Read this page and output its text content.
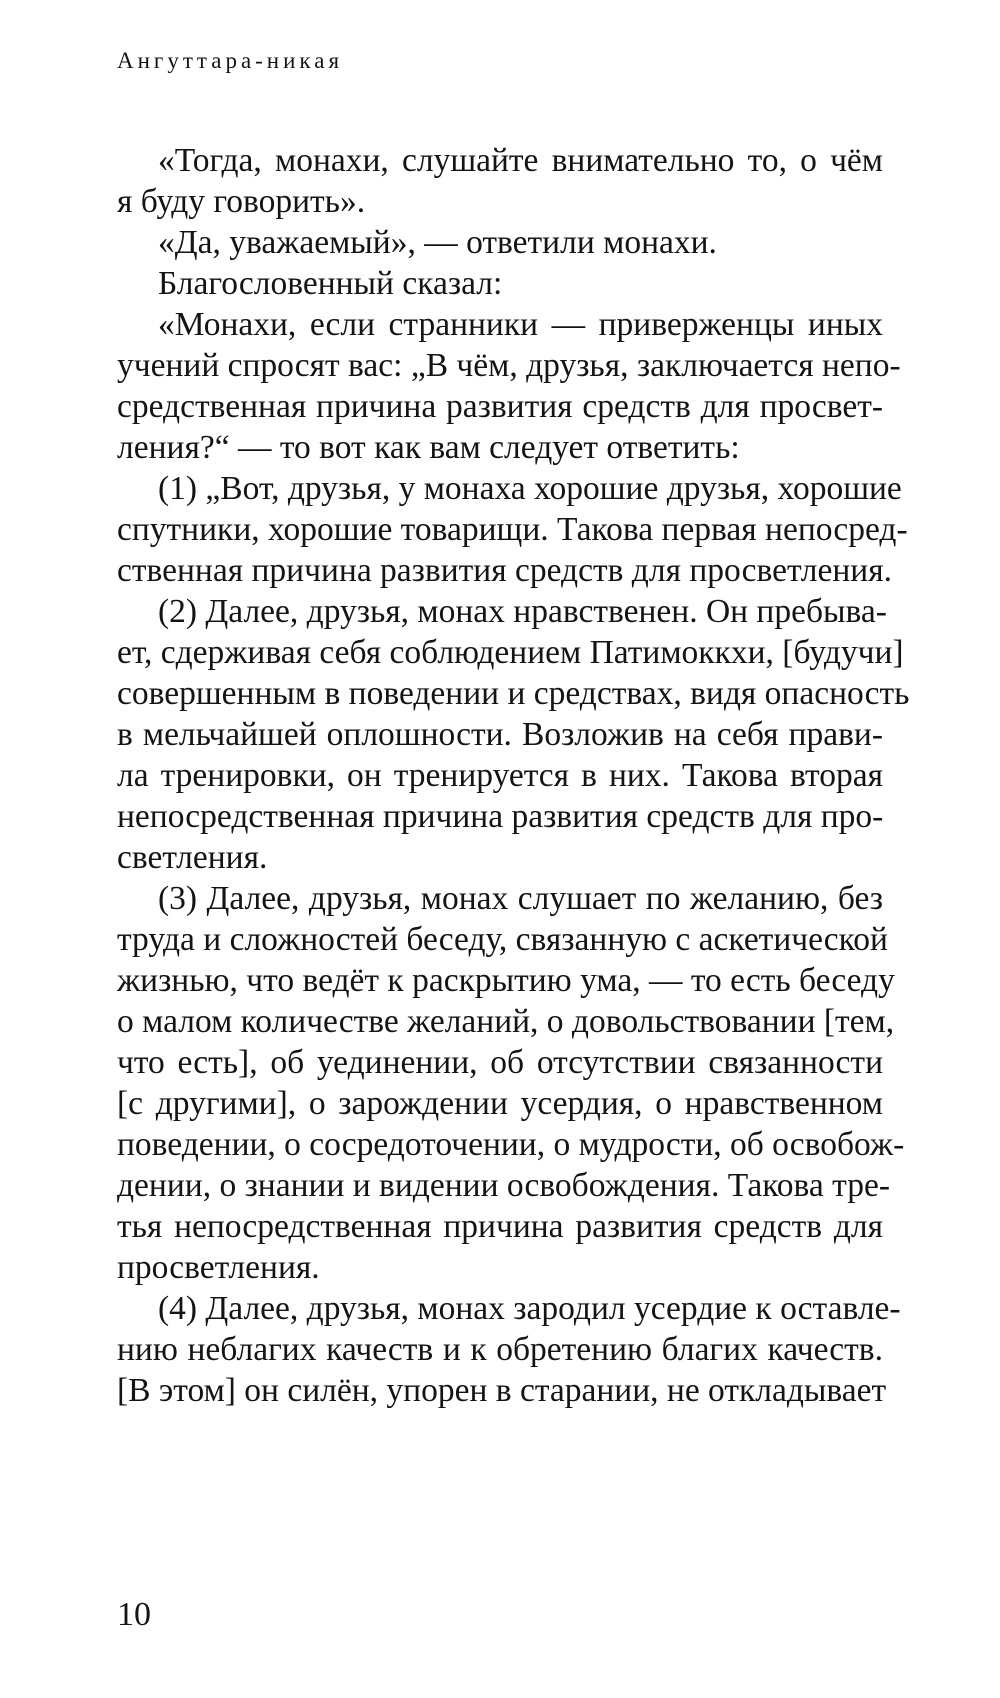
Ангуттара-никая
«Тогда, монахи, слушайте внимательно то, о чём
я буду говорить».
«Да, уважаемый», — ответили монахи.
Благословенный сказал:
«Монахи, если странники — приверженцы иных
учений спросят вас: „В чём, друзья, заключается непо-
средственная причина развития средств для просвет-
ления?“ — то вот как вам следует ответить:
(1) „Вот, друзья, у монаха хорошие друзья, хорошие
спутники, хорошие товарищи. Такова первая непосред-
ственная причина развития средств для просветления.
(2) Далее, друзья, монах нравственен. Он пребыва-
ет, сдерживая себя соблюдением Патимоккхи, [будучи]
совершенным в поведении и средствах, видя опасность
в мельчайшей оплошности. Возложив на себя прави-
ла тренировки, он тренируется в них. Такова вторая
непосредственная причина развития средств для про-
светления.
(3) Далее, друзья, монах слушает по желанию, без
труда и сложностей беседу, связанную с аскетической
жизнью, что ведёт к раскрытию ума, — то есть беседу
о малом количестве желаний, о довольствовании [тем,
что есть], об уединении, об отсутствии связанности
[с другими], о зарождении усердия, о нравственном
поведении, о сосредоточении, о мудрости, об освобож-
дении, о знании и видении освобождения. Такова тре-
тья непосредственная причина развития средств для
просветления.
(4) Далее, друзья, монах зародил усердие к оставле-
нию неблагих качеств и к обретению благих качеств.
[В этом] он силён, упорен в старании, не откладывает
10
